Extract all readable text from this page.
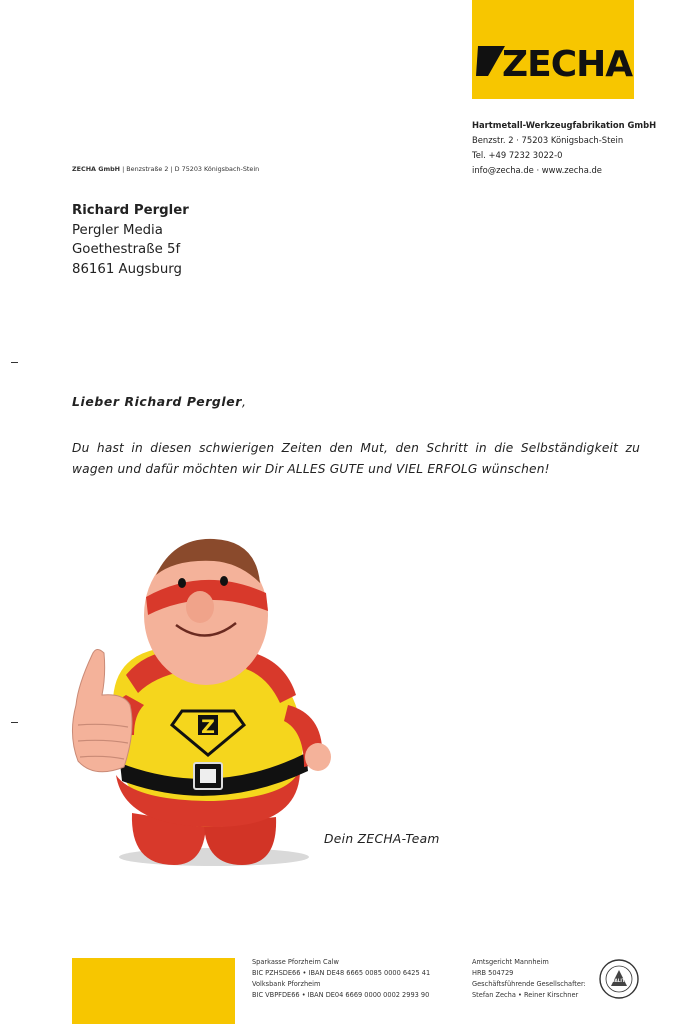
ZECHA
Hartmetall-Werkzeugfabrikation GmbH
Benzstr. 2 · 75203 Königsbach-Stein
Tel. +49 7232 3022-0
info@zecha.de · www.zecha.de
ZECHA GmbH | Benzstraße 2 | D 75203 Königsbach-Stein
Richard Pergler
Pergler Media
Goethestraße 5f
86161 Augsburg
Lieber Richard Pergler,
Du hast in diesen schwierigen Zeiten den Mut, den Schritt in die Selbständigkeit zu wagen und dafür möchten wir Dir ALLES GUTE und VIEL ERFOLG wünschen!
Z
Dein ZECHA-Team
Sparkasse Pforzheim Calw
BIC PZHSDE66 • IBAN DE48 6665 0085 0000 6425 41
Volksbank Pforzheim
BIC VBPFDE66 • IBAN DE04 6669 0000 0002 2993 90
Amtsgericht Mannheim
HRB 504729
Geschäftsführende Gesellschafter:
Stefan Zecha • Reiner Kirschner
QUALITÄT
